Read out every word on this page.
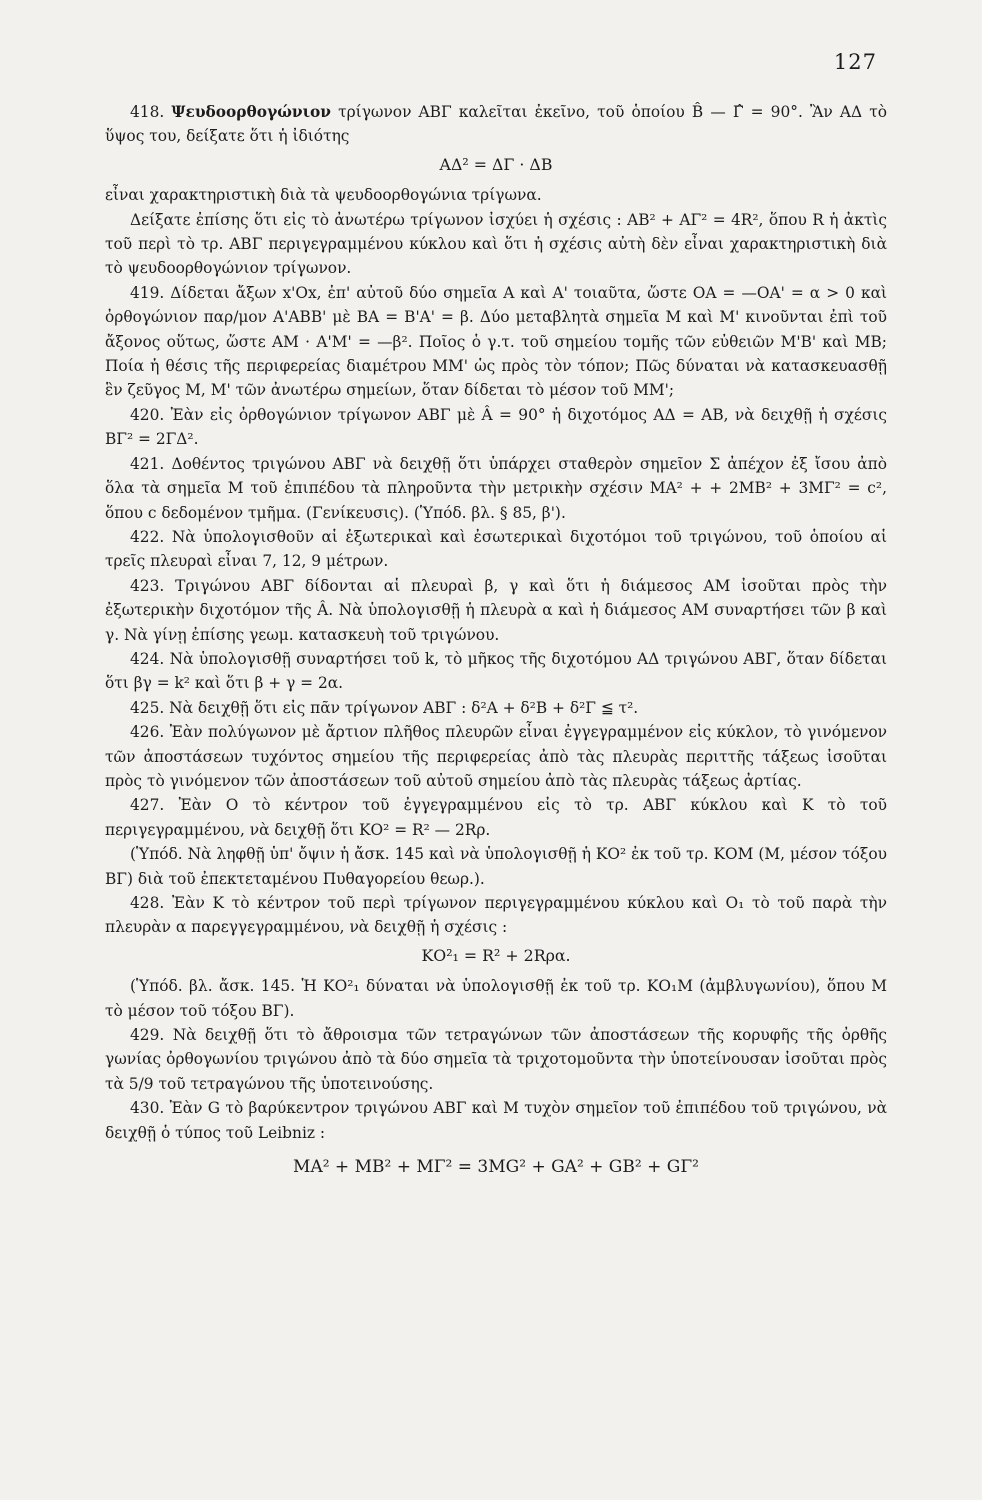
127

418. Ψευδοορθογώνιον τρίγωνον ΑΒΓ καλεῖται ἐκεῖνο, τοῦ ὁποίου B̂ — Γ̂ = 90°. Ἂν ΑΔ τὸ ὕψος του, δείξατε ὅτι ἡ ἰδιότης

ΑΔ² = ΔΓ · ΔΒ

εἶναι χαρακτηριστικὴ διὰ τὰ ψευδοορθογώνια τρίγωνα.

Δείξατε ἐπίσης ὅτι εἰς τὸ ἀνωτέρω τρίγωνον ἰσχύει ἡ σχέσις : ΑΒ² + ΑΓ² = 4R², ὅπου R ἡ ἀκτὶς τοῦ περὶ τὸ τρ. ΑΒΓ περιγεγραμμένου κύκλου καὶ ὅτι ἡ σχέσις αὐτὴ δὲν εἶναι χαρακτηριστικὴ διὰ τὸ ψευδοορθογώνιον τρίγωνον.

419. Δίδεται ἄξων x'Ox, ἐπ' αὐτοῦ δύο σημεῖα Α καὶ Α' τοιαῦτα, ὥστε ΟΑ = —ΟΑ' = α > 0 καὶ ὀρθογώνιον παρ/μον Α'ΑΒΒ' μὲ ΒΑ = Β'Α' = β. Δύο μεταβλητὰ σημεῖα Μ καὶ Μ' κινοῦνται ἐπὶ τοῦ ἄξονος οὕτως, ὥστε ΑΜ · Α'Μ' = —β². Ποῖος ὁ γ.τ. τοῦ σημείου τομῆς τῶν εὐθειῶν Μ'Β' καὶ ΜΒ; Ποία ἡ θέσις τῆς περιφερείας διαμέτρου ΜΜ' ὡς πρὸς τὸν τόπον; Πῶς δύναται νὰ κατασκευασθῇ ἓν ζεῦγος Μ, Μ' τῶν ἀνωτέρω σημείων, ὅταν δίδεται τὸ μέσον τοῦ ΜΜ';

420. Ἐὰν εἰς ὀρθογώνιον τρίγωνον ΑΒΓ μὲ Â = 90° ἡ διχοτόμος ΑΔ = ΑΒ, νὰ δειχθῇ ἡ σχέσις ΒΓ² = 2ΓΔ².

421. Δοθέντος τριγώνου ΑΒΓ νὰ δειχθῇ ὅτι ὑπάρχει σταθερὸν σημεῖον Σ ἀπέχον ἐξ ἴσου ἀπὸ ὅλα τὰ σημεῖα Μ τοῦ ἐπιπέδου τὰ πληροῦντα τὴν μετρικὴν σχέσιν ΜΑ² + + 2ΜΒ² + 3ΜΓ² = c², ὅπου c δεδομένον τμῆμα. (Γενίκευσις). (Ὑπόδ. βλ. § 85, β').

422. Νὰ ὑπολογισθοῦν αἱ ἐξωτερικαὶ καὶ ἐσωτερικαὶ διχοτόμοι τοῦ τριγώνου, τοῦ ὁποίου αἱ τρεῖς πλευραὶ εἶναι 7, 12, 9 μέτρων.

423. Τριγώνου ΑΒΓ δίδονται αἱ πλευραὶ β, γ καὶ ὅτι ἡ διάμεσος ΑΜ ἰσοῦται πρὸς τὴν ἐξωτερικὴν διχοτόμον τῆς Â. Νὰ ὑπολογισθῇ ἡ πλευρὰ α καὶ ἡ διάμεσος ΑΜ συναρτήσει τῶν β καὶ γ. Νὰ γίνῃ ἐπίσης γεωμ. κατασκευὴ τοῦ τριγώνου.

424. Νὰ ὑπολογισθῇ συναρτήσει τοῦ k, τὸ μῆκος τῆς διχοτόμου ΑΔ τριγώνου ΑΒΓ, ὅταν δίδεται ὅτι βγ = k² καὶ ὅτι β + γ = 2α.

425. Νὰ δειχθῇ ὅτι εἰς πᾶν τρίγωνον ΑΒΓ : δ²Α + δ²Β + δ²Γ ≦ τ².

426. Ἐὰν πολύγωνον μὲ ἄρτιον πλῆθος πλευρῶν εἶναι ἐγγεγραμμένον εἰς κύκλον, τὸ γινόμενον τῶν ἀποστάσεων τυχόντος σημείου τῆς περιφερείας ἀπὸ τὰς πλευρὰς περιττῆς τάξεως ἰσοῦται πρὸς τὸ γινόμενον τῶν ἀποστάσεων τοῦ αὐτοῦ σημείου ἀπὸ τὰς πλευρὰς τάξεως ἀρτίας.

427. Ἐὰν Ο τὸ κέντρον τοῦ ἐγγεγραμμένου εἰς τὸ τρ. ΑΒΓ κύκλου καὶ Κ τὸ τοῦ περιγεγραμμένου, νὰ δειχθῇ ὅτι ΚΟ² = R² — 2Rρ.

(Ὑπόδ. Νὰ ληφθῇ ὑπ' ὄψιν ἡ ἄσκ. 145 καὶ νὰ ὑπολογισθῇ ἡ ΚΟ² ἐκ τοῦ τρ. ΚΟΜ (Μ, μέσον τόξου ΒΓ) διὰ τοῦ ἐπεκτεταμένου Πυθαγορείου θεωρ.).

428. Ἐὰν Κ τὸ κέντρον τοῦ περὶ τρίγωνον περιγεγραμμένου κύκλου καὶ Ο₁ τὸ τοῦ παρὰ τὴν πλευρὰν α παρεγγεγραμμένου, νὰ δειχθῇ ἡ σχέσις :

ΚΟ²₁ = R² + 2Rρα.

(Ὑπόδ. βλ. ἄσκ. 145. Ἡ ΚΟ²₁ δύναται νὰ ὑπολογισθῇ ἐκ τοῦ τρ. ΚΟ₁Μ (ἀμβλυγωνίου), ὅπου Μ τὸ μέσον τοῦ τόξου ΒΓ).

429. Νὰ δειχθῇ ὅτι τὸ ἄθροισμα τῶν τετραγώνων τῶν ἀποστάσεων τῆς κορυφῆς τῆς ὀρθῆς γωνίας ὀρθογωνίου τριγώνου ἀπὸ τὰ δύο σημεῖα τὰ τριχοτομοῦντα τὴν ὑποτείνουσαν ἰσοῦται πρὸς τὰ 5/9 τοῦ τετραγώνου τῆς ὑποτεινούσης.

430. Ἐὰν G τὸ βαρύκεντρον τριγώνου ΑΒΓ καὶ Μ τυχὸν σημεῖον τοῦ ἐπιπέδου τοῦ τριγώνου, νὰ δειχθῇ ὁ τύπος τοῦ Leibniz :

ΜΑ² + ΜΒ² + ΜΓ² = 3ΜG² + GA² + GB² + GΓ²
